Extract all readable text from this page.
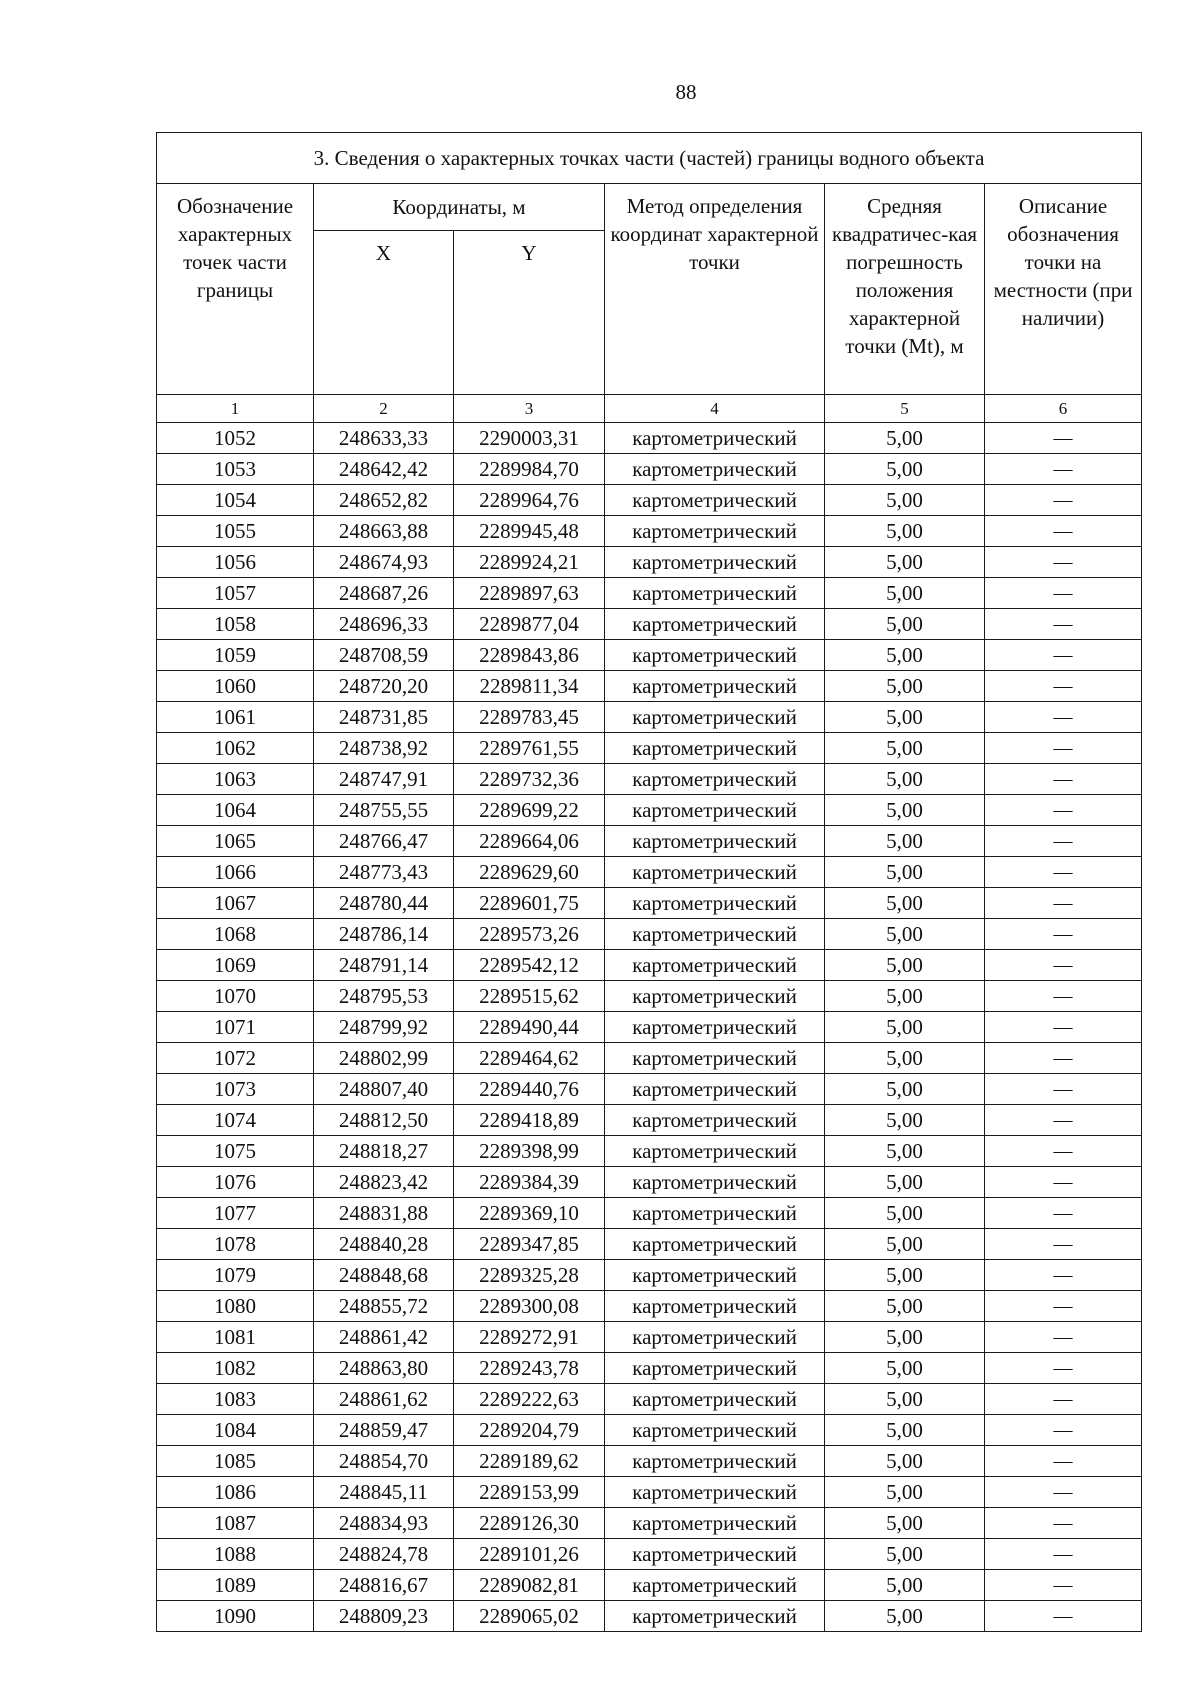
88
3. Сведения о характерных точках части (частей) границы водного объекта					
Обозначение характерных точек части границы	Координаты, м		Метод определения координат характерной точки	Средняя квадратичес-кая погрешность положения характерной точки (Mt), м	Описание обозначения точки на местности (при наличии)
	X	Y			
1	2	3	4	5	6
1052	248633,33	2290003,31	картометрический	5,00	—
1053	248642,42	2289984,70	картометрический	5,00	—
1054	248652,82	2289964,76	картометрический	5,00	—
1055	248663,88	2289945,48	картометрический	5,00	—
1056	248674,93	2289924,21	картометрический	5,00	—
1057	248687,26	2289897,63	картометрический	5,00	—
1058	248696,33	2289877,04	картометрический	5,00	—
1059	248708,59	2289843,86	картометрический	5,00	—
1060	248720,20	2289811,34	картометрический	5,00	—
1061	248731,85	2289783,45	картометрический	5,00	—
1062	248738,92	2289761,55	картометрический	5,00	—
1063	248747,91	2289732,36	картометрический	5,00	—
1064	248755,55	2289699,22	картометрический	5,00	—
1065	248766,47	2289664,06	картометрический	5,00	—
1066	248773,43	2289629,60	картометрический	5,00	—
1067	248780,44	2289601,75	картометрический	5,00	—
1068	248786,14	2289573,26	картометрический	5,00	—
1069	248791,14	2289542,12	картометрический	5,00	—
1070	248795,53	2289515,62	картометрический	5,00	—
1071	248799,92	2289490,44	картометрический	5,00	—
1072	248802,99	2289464,62	картометрический	5,00	—
1073	248807,40	2289440,76	картометрический	5,00	—
1074	248812,50	2289418,89	картометрический	5,00	—
1075	248818,27	2289398,99	картометрический	5,00	—
1076	248823,42	2289384,39	картометрический	5,00	—
1077	248831,88	2289369,10	картометрический	5,00	—
1078	248840,28	2289347,85	картометрический	5,00	—
1079	248848,68	2289325,28	картометрический	5,00	—
1080	248855,72	2289300,08	картометрический	5,00	—
1081	248861,42	2289272,91	картометрический	5,00	—
1082	248863,80	2289243,78	картометрический	5,00	—
1083	248861,62	2289222,63	картометрический	5,00	—
1084	248859,47	2289204,79	картометрический	5,00	—
1085	248854,70	2289189,62	картометрический	5,00	—
1086	248845,11	2289153,99	картометрический	5,00	—
1087	248834,93	2289126,30	картометрический	5,00	—
1088	248824,78	2289101,26	картометрический	5,00	—
1089	248816,67	2289082,81	картометрический	5,00	—
1090	248809,23	2289065,02	картометрический	5,00	—
